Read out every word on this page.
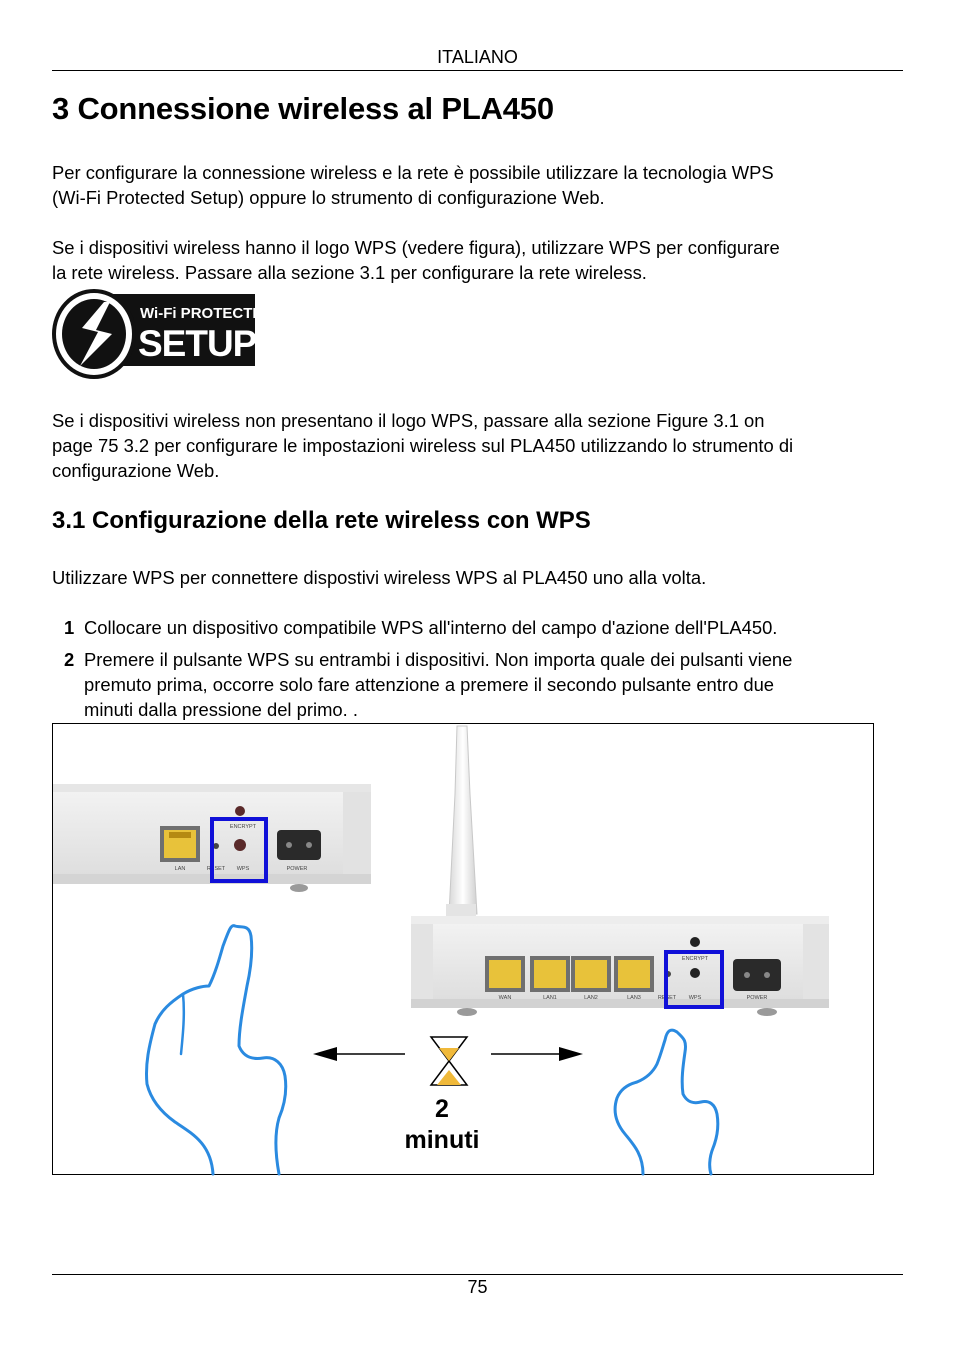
ITALIANO
3 Connessione wireless al PLA450

Per configurare la connessione wireless e la rete è possibile utilizzare la tecnologia WPS

(Wi-Fi Protected Setup) oppure lo strumento di configurazione Web.

Se i dispositivi wireless hanno il logo WPS (vedere figura), utilizzare WPS per configurare

la rete wireless. Passare alla sezione 3.1 per configurare la rete wireless.

Wi-Fi PROTECTED
SETUP

Se i dispositivi wireless non presentano il logo WPS, passare alla sezione Figure 3.1 on

page 75 3.2 per configurare le impostazioni wireless sul PLA450 utilizzando lo strumento di

configurazione Web.

3.1 Configurazione della rete wireless con WPS

Utilizzare WPS per connettere dispostivi wireless WPS al PLA450 uno alla volta.

1 Collocare un dispositivo compatibile WPS all'interno del campo d'azione dell'PLA450.

2 Premere il pulsante WPS su entrambi i dispositivi. Non importa quale dei pulsanti viene

premuto prima, occorre solo fare attenzione a premere il secondo pulsante entro due

minuti dalla pressione del primo. .

LAN	RESET
ENCRYPT
WPS	POWER
WAN	LAN1	LAN2	LAN3	RESET
ENCRYPT
WPS	POWER
2
minuti
75
